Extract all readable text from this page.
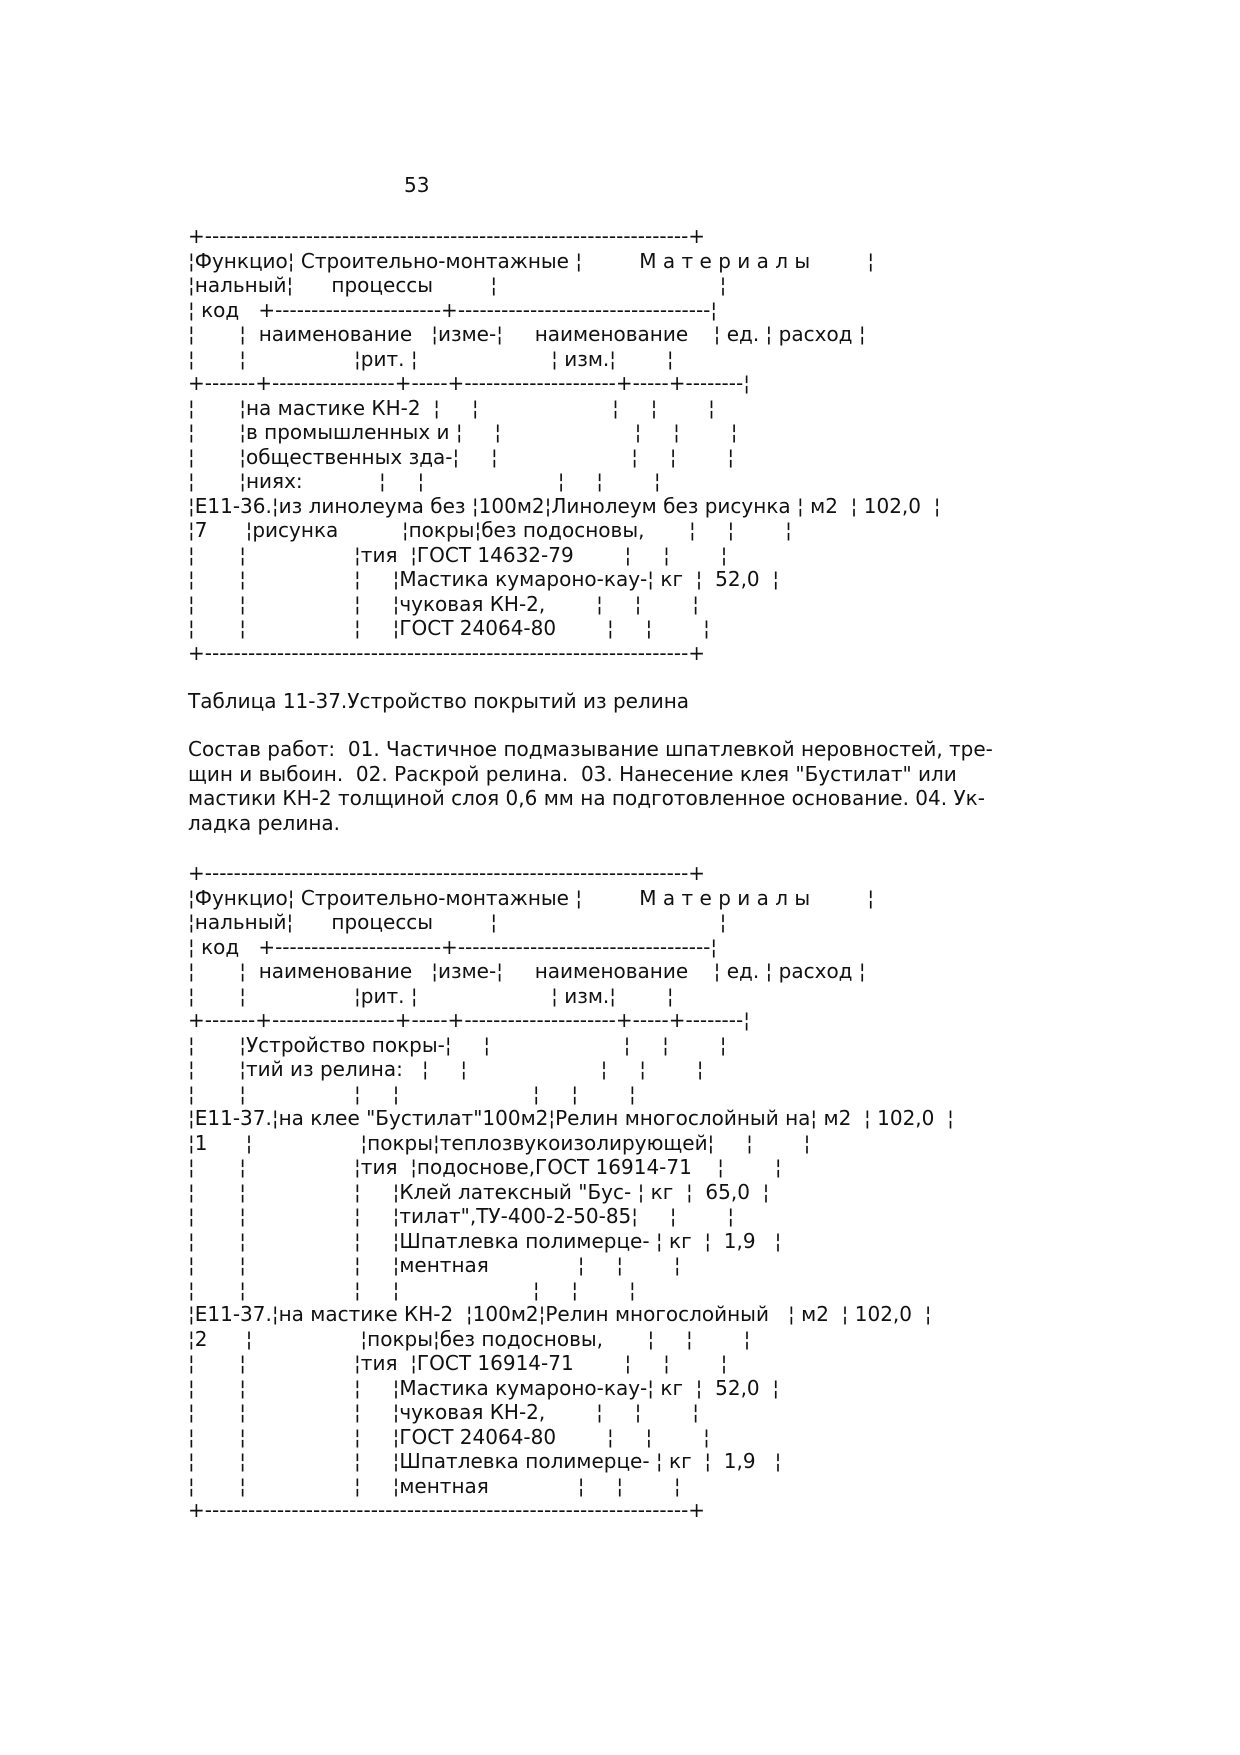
53
+-------------------------------------------------------------------+
¦Функцио¦ Строительно-монтажные ¦         М а т е р и а л ы         ¦
¦нальный¦      процессы         ¦                                   ¦
¦ код   +-----------------------+-----------------------------------¦
¦       ¦  наименование   ¦изме-¦     наименование    ¦ ед. ¦ расход ¦
¦       ¦                 ¦рит. ¦                     ¦ изм.¦        ¦
+-------+-----------------+-----+---------------------+-----+--------¦
¦       ¦на мастике КН-2  ¦     ¦                     ¦     ¦        ¦
¦       ¦в промышленных и ¦     ¦                     ¦     ¦        ¦
¦       ¦общественных зда-¦     ¦                     ¦     ¦        ¦
¦       ¦ниях:            ¦     ¦                     ¦     ¦        ¦
¦Е11-36.¦из линолеума без ¦100м2¦Линолеум без рисунка ¦ м2  ¦ 102,0  ¦
¦7      ¦рисунка          ¦покры¦без подосновы,       ¦     ¦        ¦
¦       ¦                 ¦тия  ¦ГОСТ 14632-79        ¦     ¦        ¦
¦       ¦                 ¦     ¦Мастика кумароно-кау-¦ кг  ¦  52,0  ¦
¦       ¦                 ¦     ¦чуковая КН-2,        ¦     ¦        ¦
¦       ¦                 ¦     ¦ГОСТ 24064-80        ¦     ¦        ¦
+-------------------------------------------------------------------+
Таблица 11-37.Устройство покрытий из релина
Состав работ:  01. Частичное подмазывание шпатлевкой неровностей, тре-
щин и выбоин.  02. Раскрой релина.  03. Нанесение клея "Бустилат" или
мастики КН-2 толщиной слоя 0,6 мм на подготовленное основание. 04. Ук-
ладка релина.
+-------------------------------------------------------------------+
¦Функцио¦ Строительно-монтажные ¦         М а т е р и а л ы         ¦
¦нальный¦      процессы         ¦                                   ¦
¦ код   +-----------------------+-----------------------------------¦
¦       ¦  наименование   ¦изме-¦     наименование    ¦ ед. ¦ расход ¦
¦       ¦                 ¦рит. ¦                     ¦ изм.¦        ¦
+-------+-----------------+-----+---------------------+-----+--------¦
¦       ¦Устройство покры-¦     ¦                     ¦     ¦        ¦
¦       ¦тий из релина:   ¦     ¦                     ¦     ¦        ¦
¦       ¦                 ¦     ¦                     ¦     ¦        ¦
¦Е11-37.¦на клее "Бустилат"100м2¦Релин многослойный на¦ м2  ¦ 102,0  ¦
¦1      ¦                 ¦покры¦теплозвукоизолирующей¦     ¦        ¦
¦       ¦                 ¦тия  ¦подоснове,ГОСТ 16914-71    ¦        ¦
¦       ¦                 ¦     ¦Клей латексный "Бус- ¦ кг  ¦  65,0  ¦
¦       ¦                 ¦     ¦тилат",ТУ-400-2-50-85¦     ¦        ¦
¦       ¦                 ¦     ¦Шпатлевка полимерце- ¦ кг  ¦  1,9   ¦
¦       ¦                 ¦     ¦ментная              ¦     ¦        ¦
¦       ¦                 ¦     ¦                     ¦     ¦        ¦
¦Е11-37.¦на мастике КН-2  ¦100м2¦Релин многослойный   ¦ м2  ¦ 102,0  ¦
¦2      ¦                 ¦покры¦без подосновы,       ¦     ¦        ¦
¦       ¦                 ¦тия  ¦ГОСТ 16914-71        ¦     ¦        ¦
¦       ¦                 ¦     ¦Мастика кумароно-кау-¦ кг  ¦  52,0  ¦
¦       ¦                 ¦     ¦чуковая КН-2,        ¦     ¦        ¦
¦       ¦                 ¦     ¦ГОСТ 24064-80        ¦     ¦        ¦
¦       ¦                 ¦     ¦Шпатлевка полимерце- ¦ кг  ¦  1,9   ¦
¦       ¦                 ¦     ¦ментная              ¦     ¦        ¦
+-------------------------------------------------------------------+
